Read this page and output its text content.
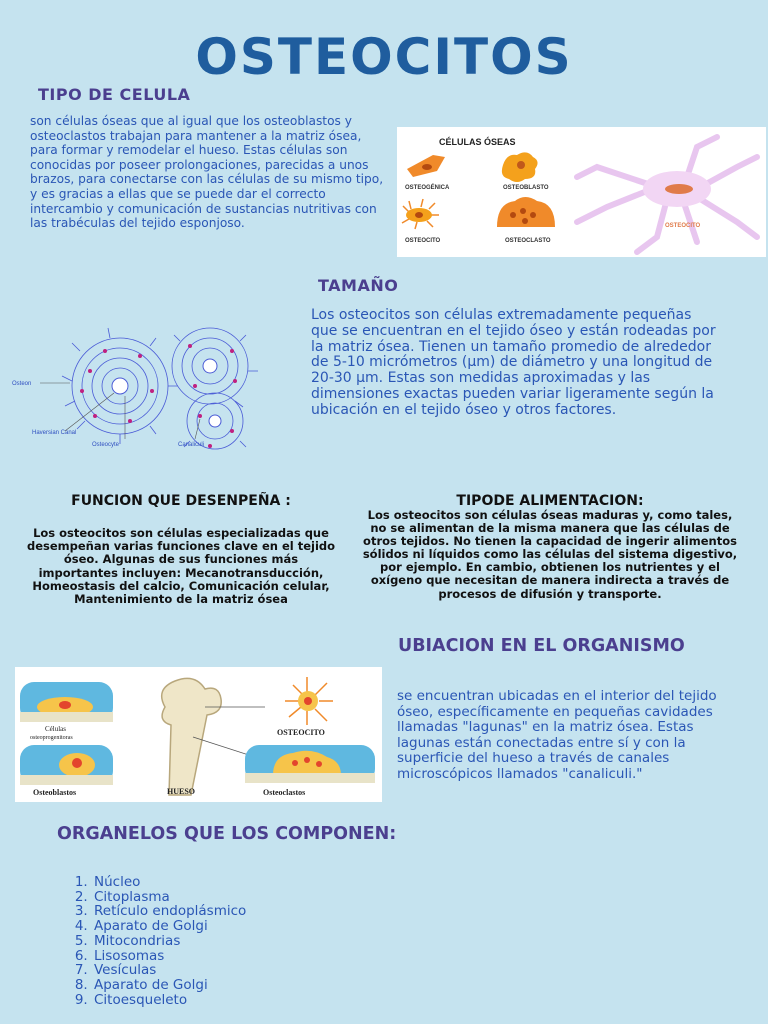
OSTEOCITOS
TIPO DE CELULA
son células óseas que al igual que los osteoblastos y osteoclastos trabajan para mantener a la matriz ósea, para formar y remodelar el hueso. Estas células son conocidas por poseer prolongaciones, parecidas a unos brazos, para conectarse con las células de su mismo tipo, y es gracias a ellas que se puede dar el correcto intercambio y comunicación de sustancias nutritivas con las trabéculas del tejido esponjoso.
CÉLULAS ÓSEAS
OSTEOGÉNICA	OSTEOBLASTO
OSTEOCITO	OSTEOCLASTO
OSTEOCITO
TAMAÑO
Los osteocitos son células extremadamente pequeñas que se encuentran en el tejido óseo y están rodeadas por la matriz ósea. Tienen un tamaño promedio de alrededor de 5-10 micrómetros (µm) de diámetro y una longitud de 20-30 µm. Estas son medidas aproximadas y las dimensiones exactas pueden variar ligeramente según la ubicación en el tejido óseo y otros factores.
Osteon
Haversian Canal
Osteocyte	Canaliculi
FUNCION QUE DESENPEÑA :
Los osteocitos son células especializadas que desempeñan varias funciones clave en el tejido óseo. Algunas de sus funciones más importantes incluyen: Mecanotransducción, Homeostasis del calcio, Comunicación celular, Mantenimiento de la matriz ósea
TIPODE ALIMENTACION:
Los osteocitos son células óseas maduras y, como tales, no se alimentan de la misma manera que las células de otros tejidos. No tienen la capacidad de ingerir alimentos sólidos ni líquidos como las células del sistema digestivo, por ejemplo. En cambio, obtienen los nutrientes y el oxígeno que necesitan de manera indirecta a través de procesos de difusión y transporte.
UBIACION EN EL ORGANISMO
se encuentran ubicadas en el interior del tejido óseo, específicamente en pequeñas cavidades llamadas "lagunas" en la matriz ósea. Estas lagunas están conectadas entre sí y con la superficie del hueso a través de canales microscópicos llamados "canaliculi."
Células
osteoprogenitoras
Osteoblastos	HUESO
OSTEOCITO
Osteoclastos
ORGANELOS QUE LOS COMPONEN:
1. Núcleo
2. Citoplasma
3. Retículo endoplásmico
4. Aparato de Golgi
5. Mitocondrias
6. Lisosomas
7. Vesículas
8. Aparato de Golgi
9. Citoesqueleto
